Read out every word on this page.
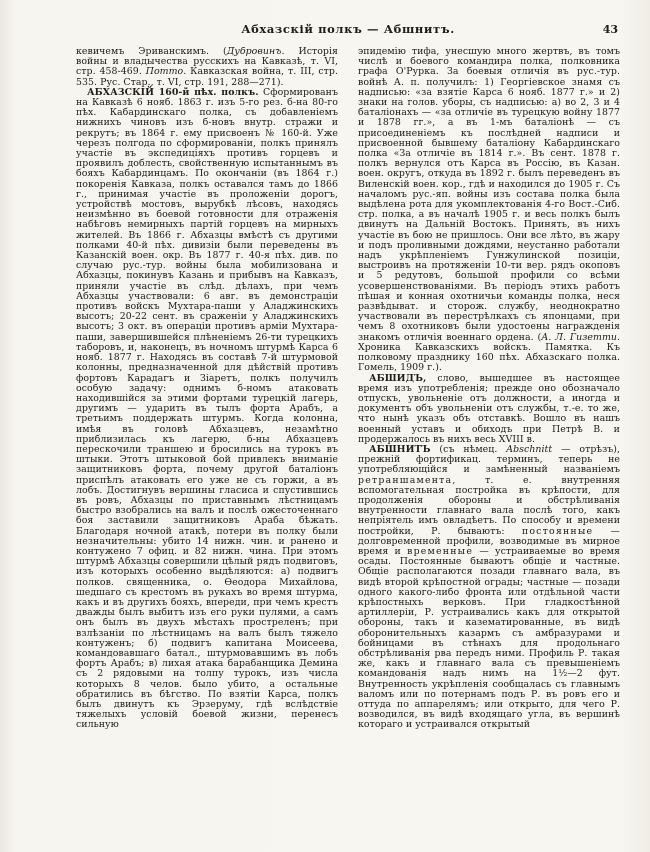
Абхазскій полкъ — Абшнитъ.	43

кевичемъ Эриванскимъ. (Дубровинъ. Исторія войны и владычества русскихъ на Кавказѣ, т. VI, стр. 458-469. Потто. Кавказская война, т. III, стр. 535. Рус. Стар., т. VI, стр. 191, 288—271).

АБХАЗСКІЙ 160-й пѣх. полкъ. Сформированъ на Кавказѣ 6 нояб. 1863 г. изъ 5-го рез. б-на 80-го пѣх. Кабардинскаго полка, съ добавленіемъ нижнихъ чиновъ изъ б-новъ внутр. стражи и рекрутъ; въ 1864 г. ему присвоенъ № 160-й. Уже черезъ полгода по сформированіи, полкъ принялъ участіе въ экспедиціяхъ противъ горцевъ и проявилъ доблесть, свойственную испытаннымъ въ бояхъ Кабардинцамъ. По окончаніи (въ 1864 г.) покоренія Кавказа, полкъ оставался тамъ до 1866 г., принимая участіе въ проложеніи дорогъ, устройствѣ мостовъ, вырубкѣ лѣсовъ, находясь неизмѣнно въ боевой готовности для отраженія набѣговъ немирныхъ партій горцевъ на мирныхъ жителей. Въ 1866 г. Абхазцы вмѣстѣ съ другими полками 40-й пѣх. дивизіи были переведены въ Казанскій воен. окр. Въ 1877 г. 40-я пѣх. див. по случаю рус.-тур. войны была мобилизована и Абхазцы, покинувъ Казань и прибывъ на Кавказъ, приняли участіе въ слѣд. дѣлахъ, при чемъ Абхазцы участвовали: 6 авг. въ демонстраціи противъ войскъ Мухтара-паши у Аладжинскихъ высотъ; 20-22 сент. въ сраженіи у Аладжинскихъ высотъ; 3 окт. въ операціи противъ арміи Мухтара-паши, завершившейся плѣненіемъ 26-ти турецкихъ таборовъ, и, наконецъ, въ ночномъ штурмѣ Карса 6 нояб. 1877 г. Находясь въ составѣ 7-й штурмовой колонны, предназначенной для дѣйствій противъ фортовъ Карадагъ и Зіаретъ, полкъ получилъ особую задачу: однимъ б-номъ атаковать находившійся за этими фортами турецкій лагерь, другимъ — ударить въ тылъ форта Арабъ, а третьимъ поддержать штурмъ. Когда колонна, имѣя въ головѣ Абхазцевъ, незамѣтно приблизилась къ лагерю, б-ны Абхазцевъ перескочили траншею и бросились на турокъ въ штыки. Этотъ штыковой бой привлекъ вниманіе защитниковъ форта, почему другой баталіонъ приспѣлъ атаковать его уже не съ горжи, а въ лобъ. Достигнувъ вершины гласиса и спустившись въ ровъ, Абхазцы по приставнымъ лѣстницамъ быстро взобрались на валъ и послѣ ожесточеннаго боя заставили защитниковъ Араба бѣжать. Благодаря ночной атакѣ, потери въ полку были незначительны: убито 14 нижн. чин. и ранено и контужено 7 офиц. и 82 нижн. чина. При этомъ штурмѣ Абхазцы совершили цѣлый рядъ подвиговъ, изъ которыхъ особенно выдѣляются: а) подвигъ полков. священника, о. Ѳеодора Михайлова, шедшаго съ крестомъ въ рукахъ во время штурма, какъ и въ другихъ бояхъ, впереди, при чемъ крестъ дважды былъ выбитъ изъ его руки пулями, а самъ онъ былъ въ двухъ мѣстахъ простреленъ; при взлѣзаніи по лѣстницамъ на валъ былъ тяжело контуженъ; б) подвигъ капитана Моисеева, командовавшаго батал., штурмовавшимъ въ лобъ фортъ Арабъ; в) лихая атака барабанщика Демина съ 2 рядовыми на толпу турокъ, изъ числа которыхъ 8 челов. было убито, а остальные обратились въ бѣгство. По взятіи Карса, полкъ былъ двинутъ къ Эрзеруму, гдѣ вслѣдствіе тяжелыхъ условій боевой жизни, перенесъ сильную

эпидемію тифа, унесшую много жертвъ, въ томъ числѣ и боевого командира полка, полковника графа О'Рурка. За боевыя отличія въ рус.-тур. войнѣ А. п. получилъ: 1) Георгіевское знамя съ надписью: «за взятіе Карса 6 нояб. 1877 г.» и 2) знаки на голов. уборы, съ надписью: а) во 2, 3 и 4 баталіонахъ — «за отличіе въ турецкую войну 1877 и 1878 гг.», а въ 1-мъ баталіонѣ — съ присоединеніемъ къ послѣдней надписи и присвоенной бывшему баталіону Кабардинскаго полка «За отличіе въ 1814 г.». Въ сент. 1878 г. полкъ вернулся отъ Карса въ Россію, въ Казан. воен. округъ, откуда въ 1892 г. былъ переведенъ въ Виленскій воен. кор., гдѣ и находился до 1905 г. Съ началомъ рус.-яп. войны изъ состава полка была выдѣлена рота для укомплектованія 4-го Вост.-Сиб. стр. полка, а въ началѣ 1905 г. и весь полкъ былъ двинутъ на Дальній Востокъ. Принять, въ нихъ участіе въ бою не пришлось. Они все лѣто, въ жару и подъ проливными дождями, неустанно работали надъ укрѣпленіемъ Гунжулинской позиціи, выстроивъ на протяженіи 10-ти вер. рядъ окоповъ и 5 редутовъ, большой профили со всѣми усовершенствованіями. Въ періодъ этихъ работъ пѣшая и конная охотничьи команды полка, неся развѣдыват. и сторож. службу, неоднократно участвовали въ перестрѣлкахъ съ японцами, при чемъ 8 охотниковъ были удостоены награжденія знакомъ отличія военнаго ордена. (А. Л. Гизетти. Хроника Кавказскихъ войскъ. Памятка. Къ полковому празднику 160 пѣх. Абхазскаго полка. Гомель, 1909 г.).

АБШИДЪ, слово, вышедшее въ настоящее время изъ употребленія; прежде оно обозначало отпускъ, увольненіе отъ должности, а иногда и документъ объ увольненіи отъ службы, т.-е. то же, что нынѣ указъ объ отставкѣ. Вошло въ нашъ военный уставъ и обиходъ при Петрѣ В. и продержалось въ нихъ весь XVIII в.

АБШНИТЪ (съ нѣмец. Abschnitt — отрѣзъ), прежній фортификац. терминъ, теперь не употребляющійся и замѣненный названіемъ ретраншамента, т. е. внутренняя вспомогательная постройка въ крѣпости, для продолженія обороны и обстрѣливанія внутренности главнаго вала послѣ того, какъ непріятель имъ овладѣетъ. По способу и времени постройки, Р. бываютъ: постоянные — долговременной профили, возводимые въ мирное время и временные — устраиваемые во время осады. Постоянные бываютъ общіе и частные. Общіе располагаются позади главнаго вала, въ видѣ второй крѣпостной ограды; частные — позади одного какого-либо фронта или отдѣльной части крѣпостныхъ верковъ. При гладкостѣнной артиллеріи, Р. устраивались какъ для открытой обороны, такъ и казематированные, въ видѣ оборонительныхъ казармъ съ амбразурами и бойницами въ стѣнахъ для продольнаго обстрѣливанія рва передъ ними. Профиль Р. такая же, какъ и главнаго вала съ превышеніемъ командованія надъ нимъ на 1½—2 фут. Внутренность укрѣпленія сообщалась съ главнымъ валомъ или по потернамъ подъ Р. въ ровъ его и оттуда по аппарелямъ; или открыто, для чего Р. возводился, въ видѣ входящаго угла, въ вершинѣ котораго и устраивался открытый
